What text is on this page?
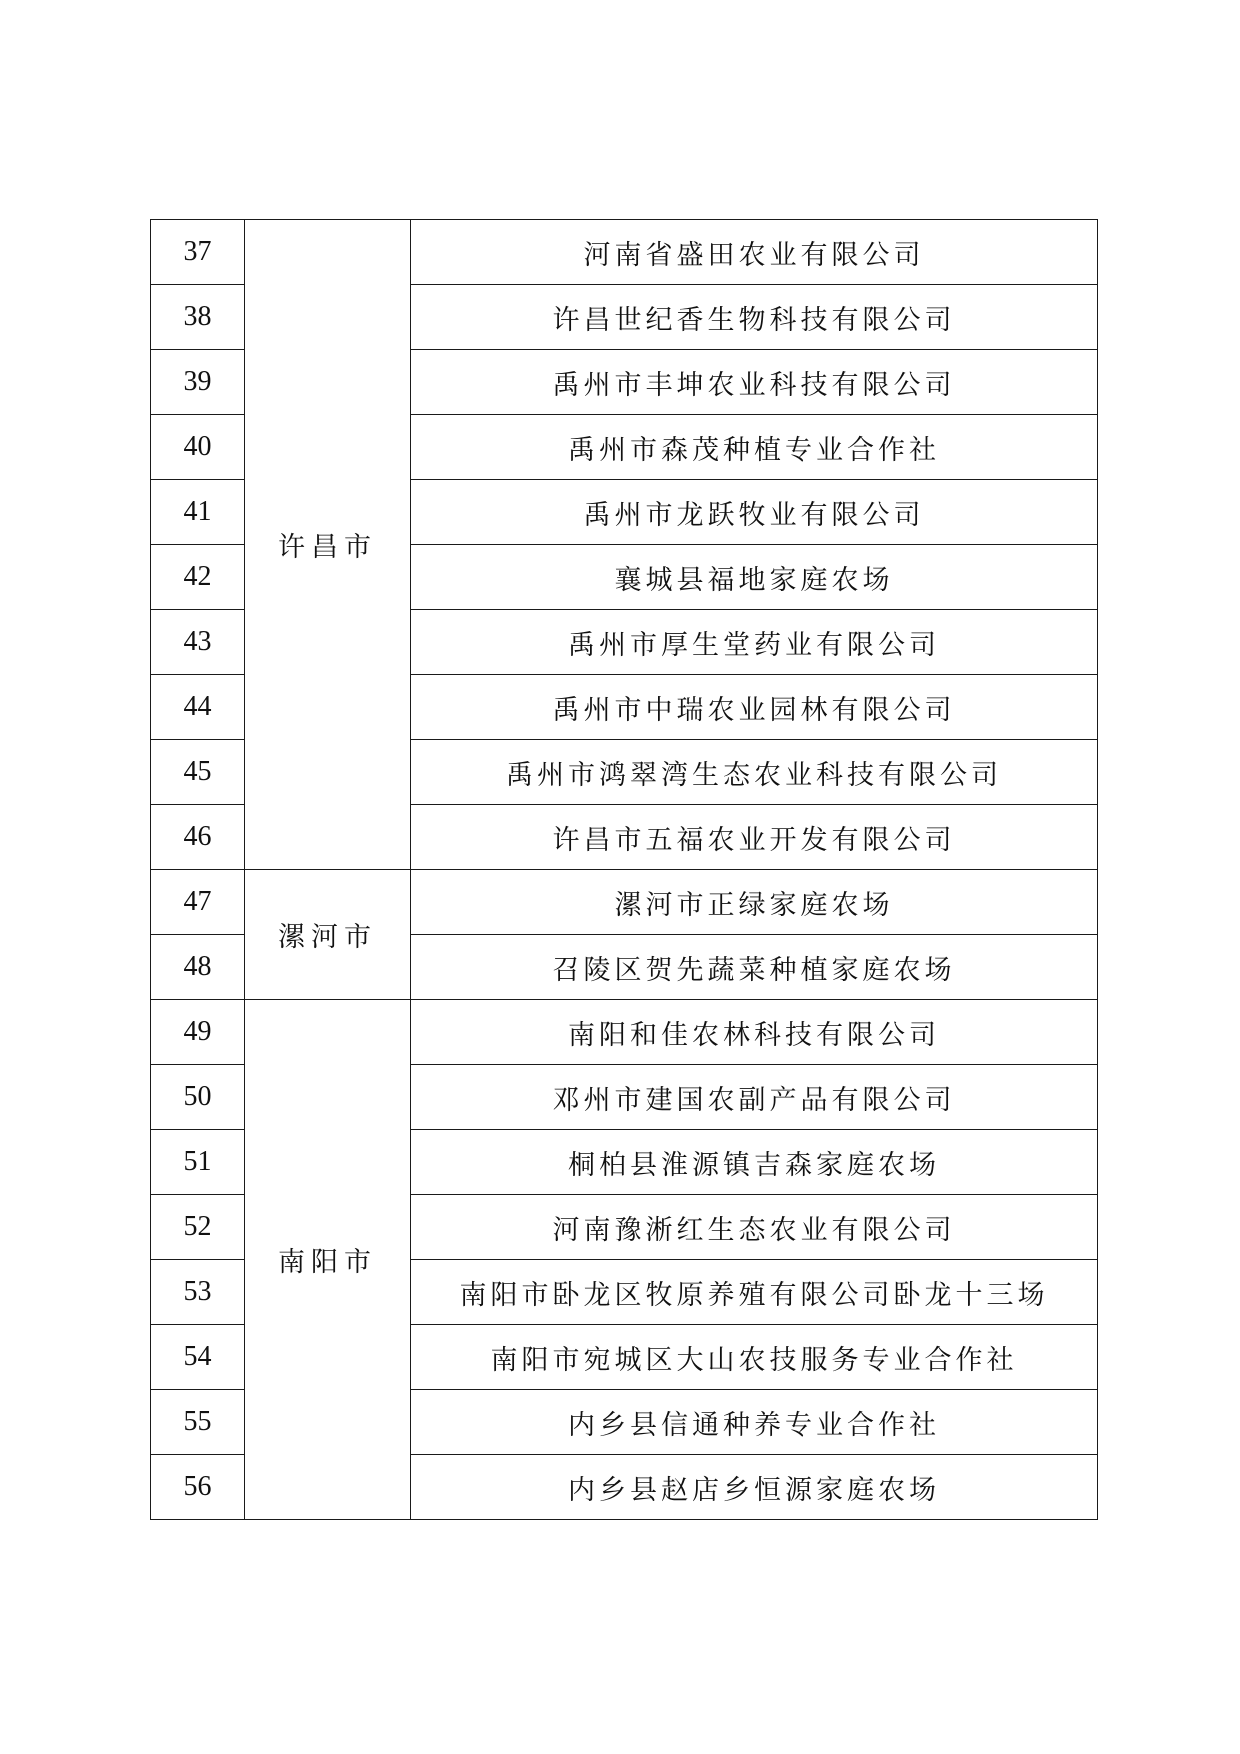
37	许昌市	河南省盛田农业有限公司
38		许昌世纪香生物科技有限公司
39		禹州市丰坤农业科技有限公司
40		禹州市森茂种植专业合作社
41		禹州市龙跃牧业有限公司
42		襄城县福地家庭农场
43		禹州市厚生堂药业有限公司
44		禹州市中瑞农业园林有限公司
45		禹州市鸿翠湾生态农业科技有限公司
46		许昌市五福农业开发有限公司
47	漯河市	漯河市正绿家庭农场
48		召陵区贺先蔬菜种植家庭农场
49	南阳市	南阳和佳农林科技有限公司
50		邓州市建国农副产品有限公司
51		桐柏县淮源镇吉森家庭农场
52		河南豫淅红生态农业有限公司
53		南阳市卧龙区牧原养殖有限公司卧龙十三场
54		南阳市宛城区大山农技服务专业合作社
55		内乡县信通种养专业合作社
56		内乡县赵店乡恒源家庭农场
